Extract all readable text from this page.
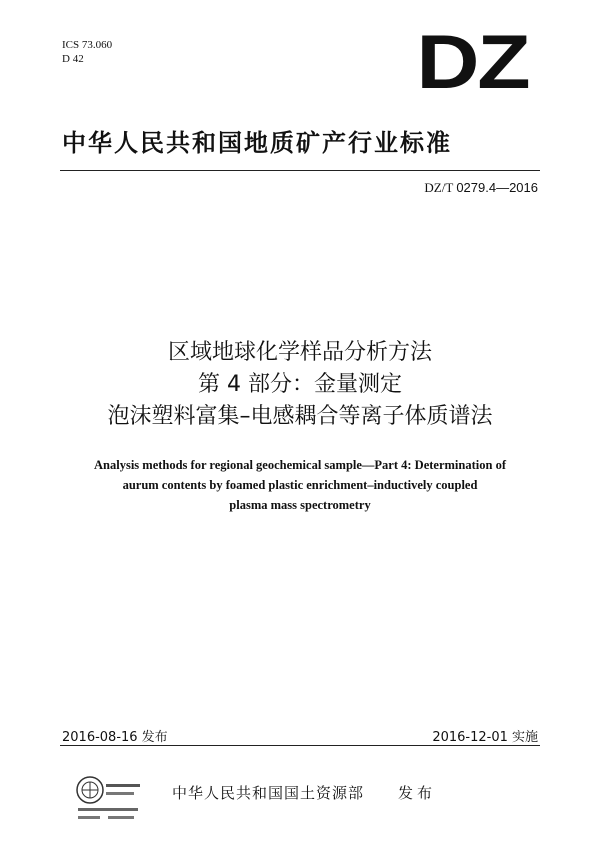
ICS 73.060
D 42	DZ
中华人民共和国地质矿产行业标准
DZ/T 0279.4—2016
区域地球化学样品分析方法
第 4 部分：金量测定
泡沫塑料富集–电感耦合等离子体质谱法
Analysis methods for regional geochemical sample—Part 4: Determination of
aurum contents by foamed plastic enrichment–inductively coupled
plasma mass spectrometry
2016-08-16 发布	2016-12-01 实施
中华人民共和国国土资源部 发布
